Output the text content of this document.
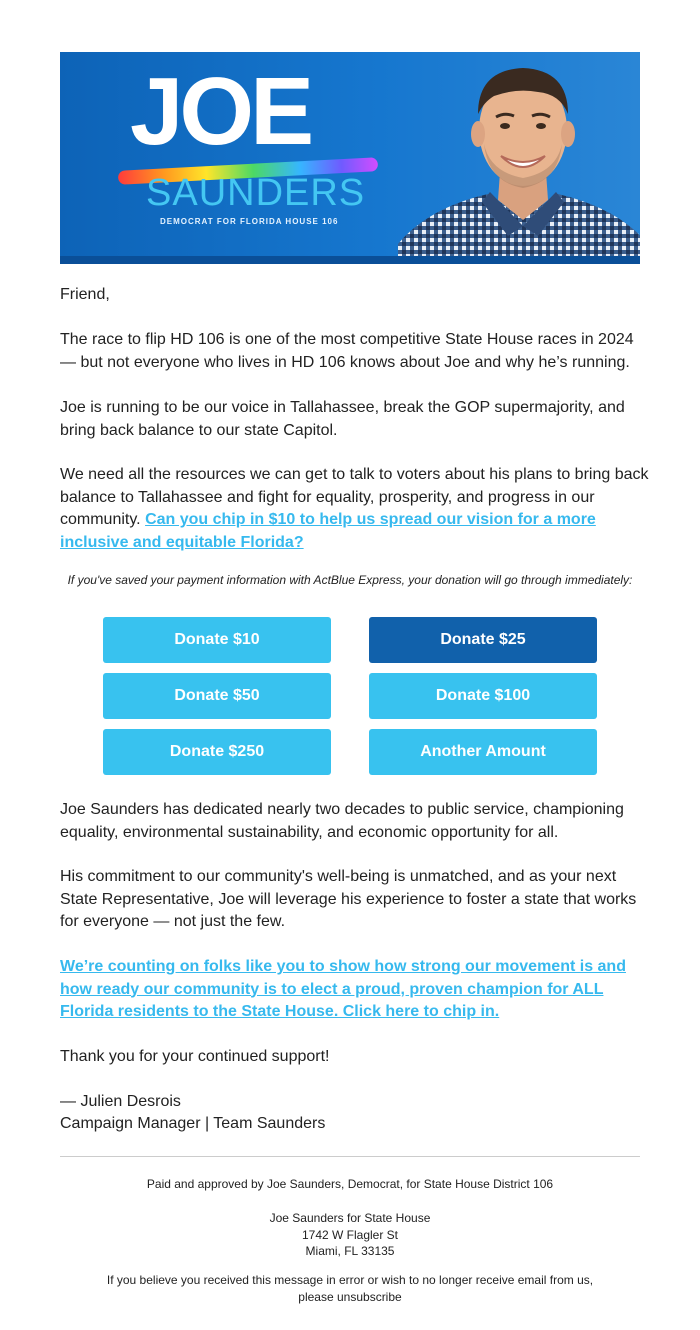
JOE
SAUNDERS
DEMOCRAT FOR FLORIDA HOUSE 106

Friend,

The race to flip HD 106 is one of the most competitive State House races in 2024 — but not everyone who lives in HD 106 knows about Joe and why he’s running.

Joe is running to be our voice in Tallahassee, break the GOP supermajority, and bring back balance to our state Capitol.

We need all the resources we can get to talk to voters about his plans to bring back balance to Tallahassee and fight for equality, prosperity, and progress in our community. Can you chip in $10 to help us spread our vision for a more inclusive and equitable Florida?

If you've saved your payment information with ActBlue Express, your donation will go through immediately:
Donate $10	Donate $25
Donate $50	Donate $100
Donate $250	Another Amount

Joe Saunders has dedicated nearly two decades to public service, championing equality, environmental sustainability, and economic opportunity for all.

His commitment to our community's well-being is unmatched, and as your next State Representative, Joe will leverage his experience to foster a state that works for everyone — not just the few.

We’re counting on folks like you to show how strong our movement is and how ready our community is to elect a proud, proven champion for ALL Florida residents to the State House. Click here to chip in.

Thank you for your continued support!

— Julien Desrois

Campaign Manager | Team Saunders

Paid and approved by Joe Saunders, Democrat, for State House District 106
Joe Saunders for State House
1742 W Flagler St
Miami, FL 33135
If you believe you received this message in error or wish to no longer receive email from us,
please unsubscribe
